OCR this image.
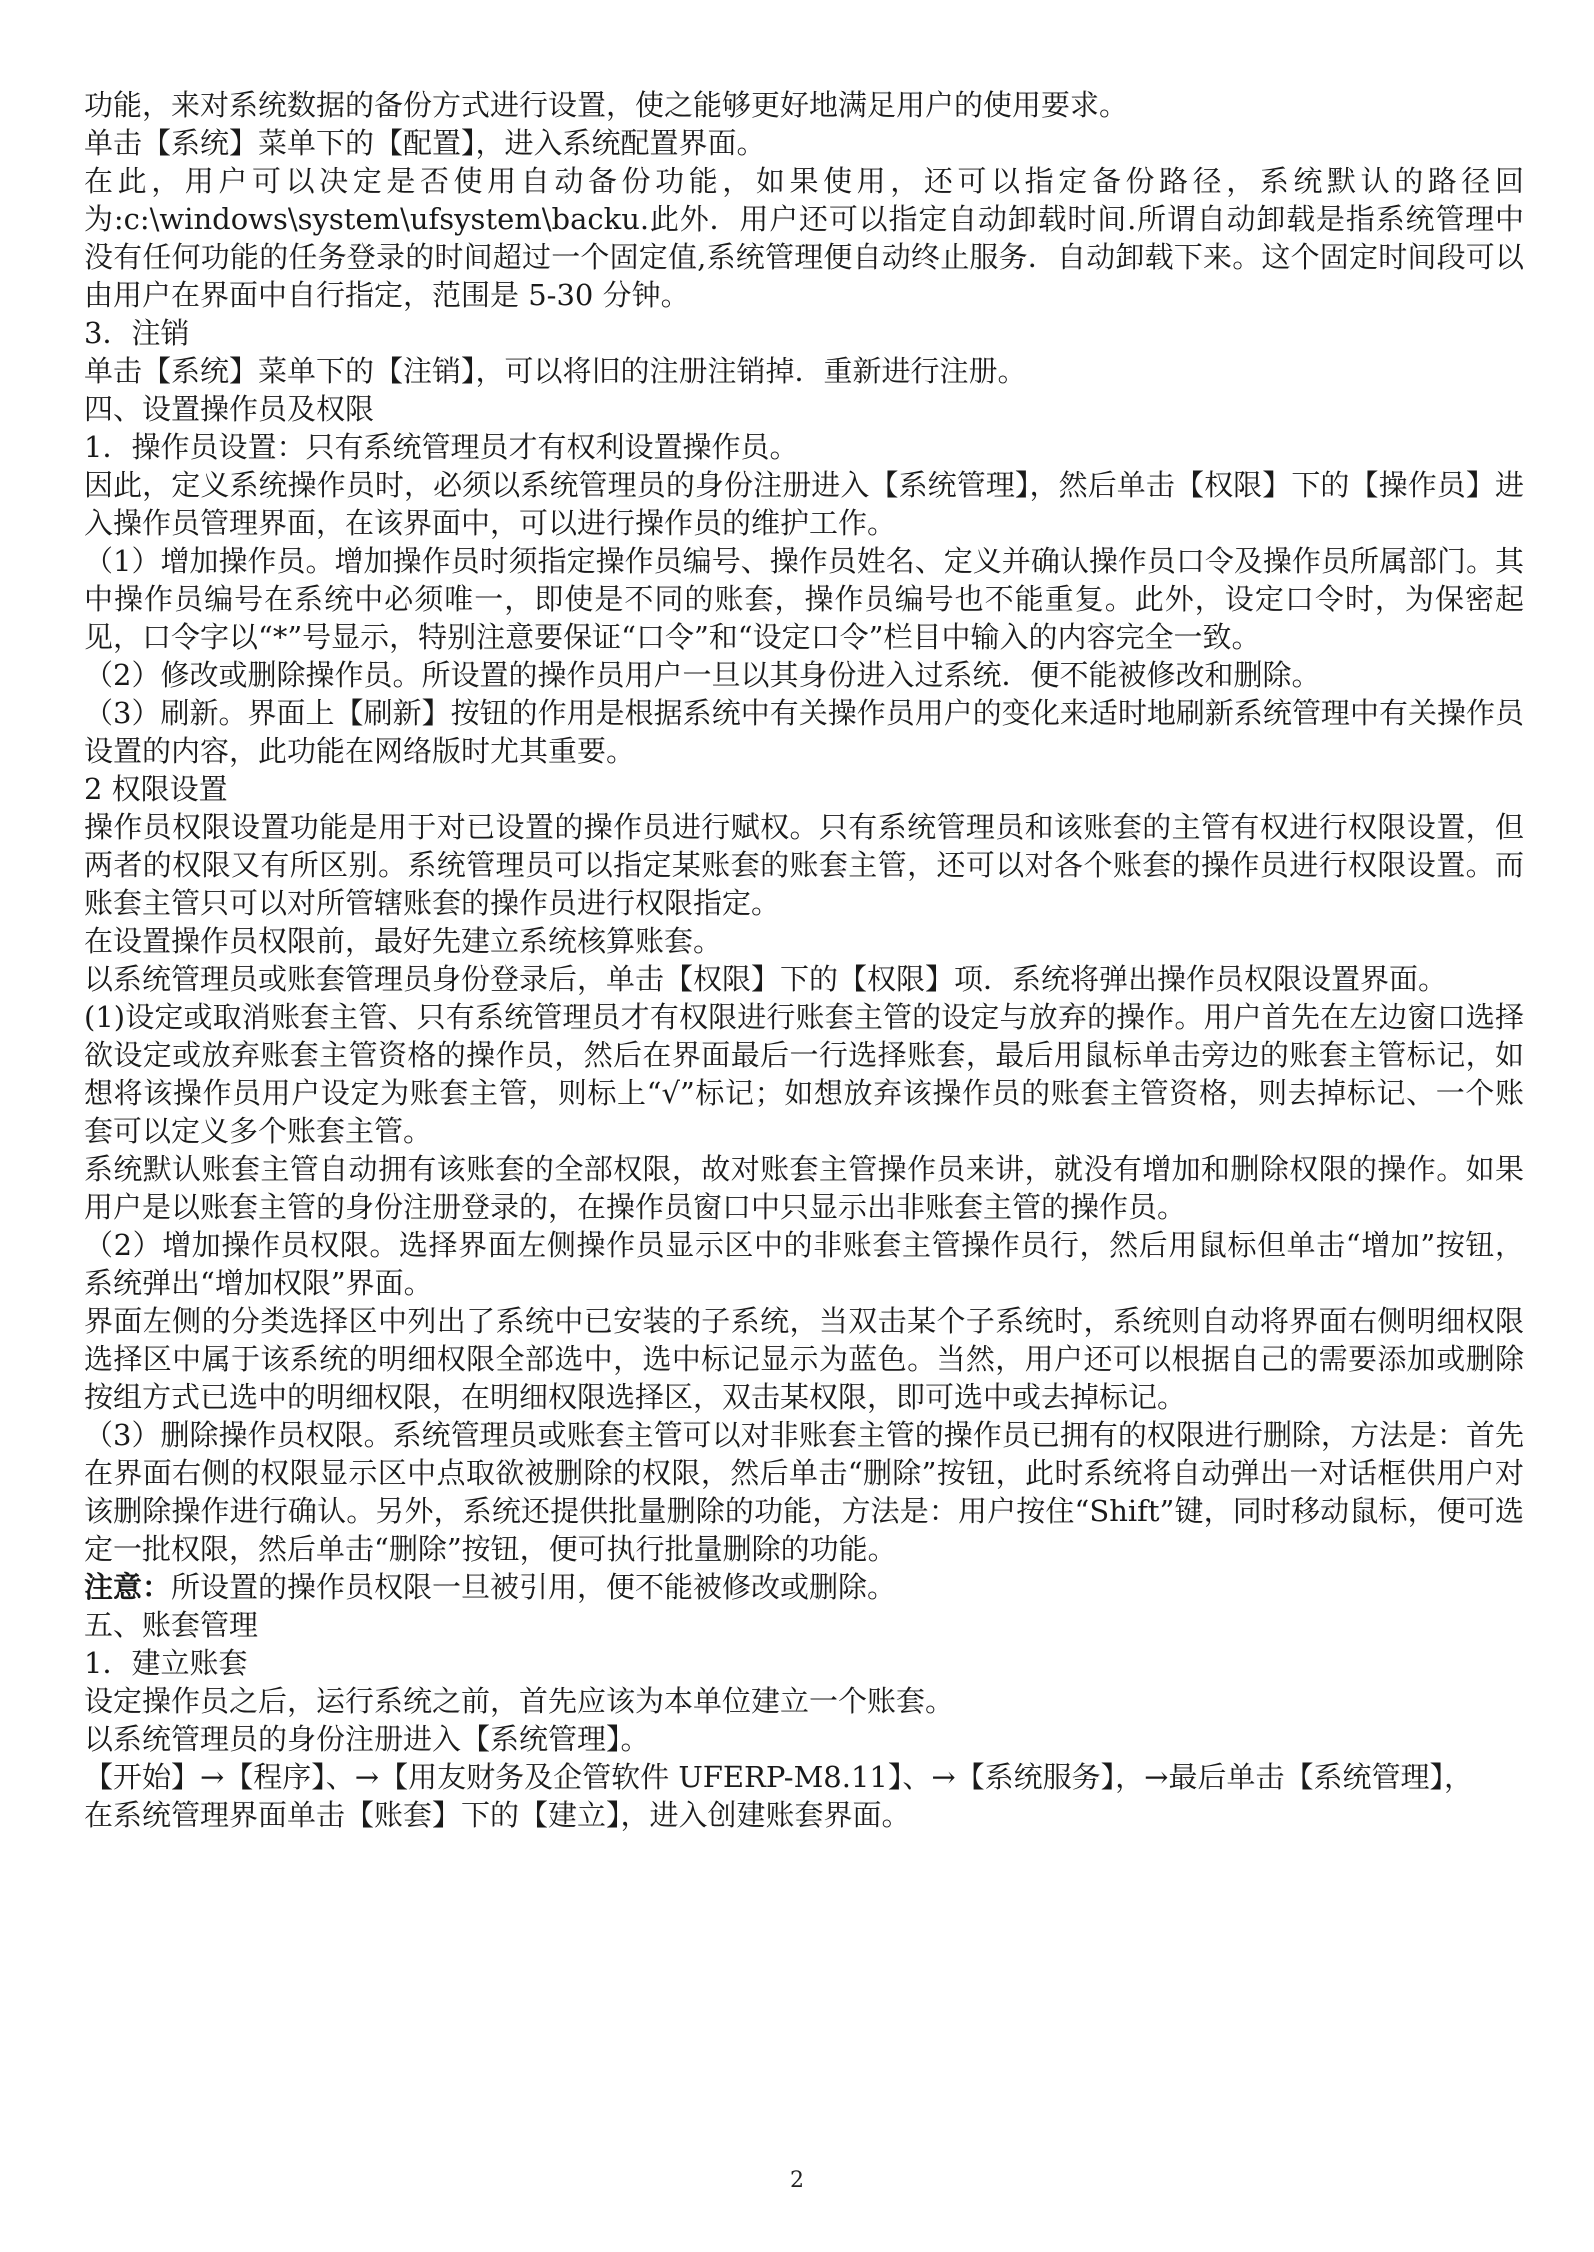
功能，来对系统数据的备份方式进行设置，使之能够更好地满足用户的使用要求。

单击【系统】菜单下的【配置】，进入系统配置界面。

在此，用户可以决定是否使用自动备份功能，如果使用，还可以指定备份路径，系统默认的路径回为:c:\windows\system\ufsystem\backu.此外．用户还可以指定自动卸载时间.所谓自动卸载是指系统管理中没有任何功能的任务登录的时间超过一个固定值,系统管理便自动终止服务．自动卸载下来。这个固定时间段可以由用户在界面中自行指定，范围是 5-30 分钟。

3．注销

单击【系统】菜单下的【注销】，可以将旧的注册注销掉．重新进行注册。

四、设置操作员及权限

1．操作员设置：只有系统管理员才有权利设置操作员。

因此，定义系统操作员时，必须以系统管理员的身份注册进入【系统管理】，然后单击【权限】下的【操作员】进入操作员管理界面，在该界面中，可以进行操作员的维护工作。

（1）增加操作员。增加操作员时须指定操作员编号、操作员姓名、定义并确认操作员口令及操作员所属部门。其中操作员编号在系统中必须唯一，即使是不同的账套，操作员编号也不能重复。此外，设定口令时，为保密起见，口令字以“*”号显示，特别注意要保证“口令”和“设定口令”栏目中输入的内容完全一致。

（2）修改或删除操作员。所设置的操作员用户一旦以其身份进入过系统．便不能被修改和删除。

（3）刷新。界面上【刷新】按钮的作用是根据系统中有关操作员用户的变化来适时地刷新系统管理中有关操作员设置的内容，此功能在网络版时尤其重要。

2 权限设置

操作员权限设置功能是用于对已设置的操作员进行赋权。只有系统管理员和该账套的主管有权进行权限设置，但两者的权限又有所区别。系统管理员可以指定某账套的账套主管，还可以对各个账套的操作员进行权限设置。而账套主管只可以对所管辖账套的操作员进行权限指定。

在设置操作员权限前，最好先建立系统核算账套。

以系统管理员或账套管理员身份登录后，单击【权限】下的【权限】项．系统将弹出操作员权限设置界面。

(1)设定或取消账套主管、只有系统管理员才有权限进行账套主管的设定与放弃的操作。用户首先在左边窗口选择欲设定或放弃账套主管资格的操作员，然后在界面最后一行选择账套，最后用鼠标单击旁边的账套主管标记，如想将该操作员用户设定为账套主管，则标上“√”标记；如想放弃该操作员的账套主管资格，则去掉标记、一个账套可以定义多个账套主管。

系统默认账套主管自动拥有该账套的全部权限，故对账套主管操作员来讲，就没有增加和删除权限的操作。如果用户是以账套主管的身份注册登录的，在操作员窗口中只显示出非账套主管的操作员。

（2）增加操作员权限。选择界面左侧操作员显示区中的非账套主管操作员行，然后用鼠标但单击“增加”按钮，系统弹出“增加权限”界面。

界面左侧的分类选择区中列出了系统中已安装的子系统，当双击某个子系统时，系统则自动将界面右侧明细权限选择区中属于该系统的明细权限全部选中，选中标记显示为蓝色。当然，用户还可以根据自己的需要添加或删除按组方式已选中的明细权限，在明细权限选择区，双击某权限，即可选中或去掉标记。

（3）删除操作员权限。系统管理员或账套主管可以对非账套主管的操作员已拥有的权限进行删除，方法是：首先在界面右侧的权限显示区中点取欲被删除的权限，然后单击“删除”按钮，此时系统将自动弹出一对话框供用户对该删除操作进行确认。另外，系统还提供批量删除的功能，方法是：用户按住“Shift”键，同时移动鼠标，便可选定一批权限，然后单击“删除”按钮，便可执行批量删除的功能。

注意：所设置的操作员权限一旦被引用，便不能被修改或删除。

五、账套管理

1．建立账套

设定操作员之后，运行系统之前，首先应该为本单位建立一个账套。

以系统管理员的身份注册进入【系统管理】。

【开始】→【程序】、→【用友财务及企管软件 UFERP-M8.11】、→【系统服务】，→最后单击【系统管理】，

在系统管理界面单击【账套】下的【建立】，进入创建账套界面。

2
